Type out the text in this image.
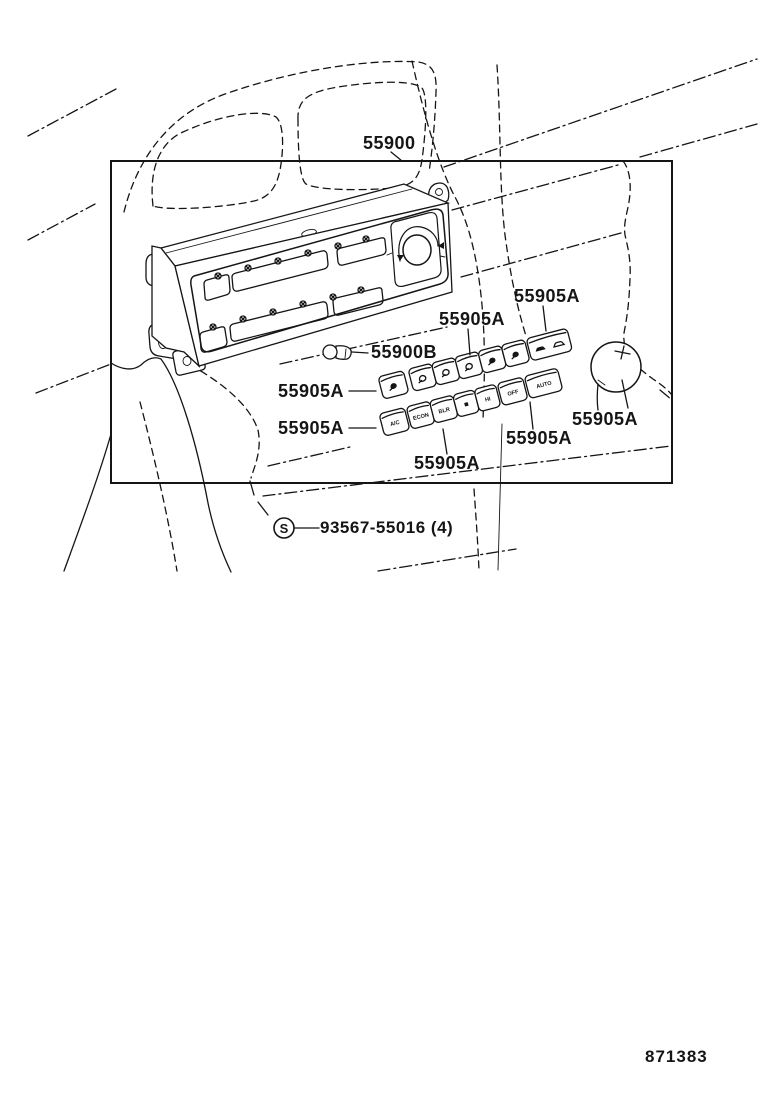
A/C
ECON
BLR
HI
OFF
AUTO
S
55900
55905A
55905A
55905A
55905A
55905A
55905A
55905A
55900B
93567-55016 (4)
871383
